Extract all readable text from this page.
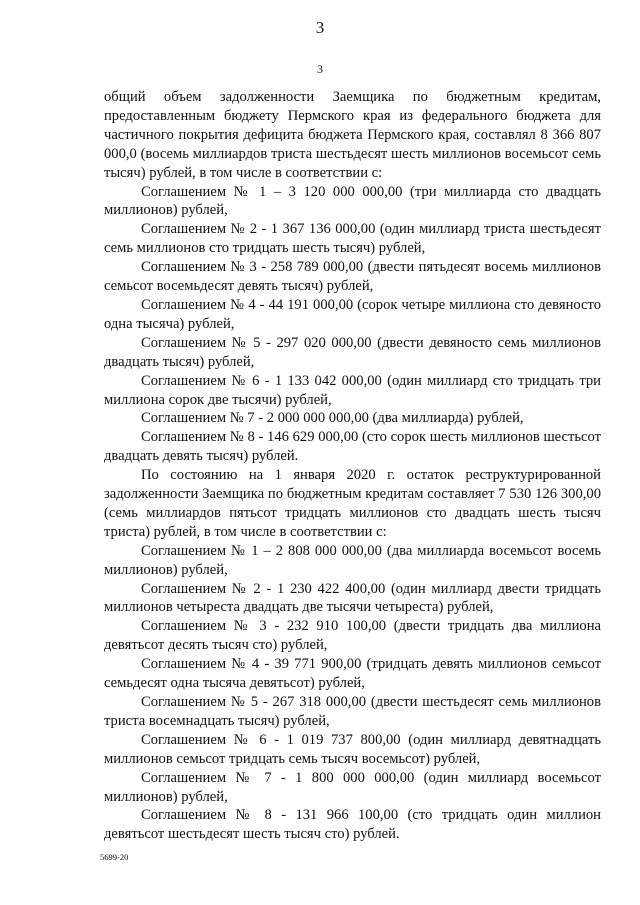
3
3

общий объем задолженности Заемщика по бюджетным кредитам, предоставленным бюджету Пермского края из федерального бюджета для частичного покрытия дефицита бюджета Пермского края, составлял 8 366 807 000,0 (восемь миллиардов триста шестьдесят шесть миллионов восемьсот семь тысяч) рублей, в том числе в соответствии с:

Соглашением № 1 – 3 120 000 000,00 (три миллиарда сто двадцать миллионов) рублей,

Соглашением № 2 - 1 367 136 000,00 (один миллиард триста шестьдесят семь миллионов сто тридцать шесть тысяч) рублей,

Соглашением № 3 - 258 789 000,00 (двести пятьдесят восемь миллионов семьсот восемьдесят девять тысяч) рублей,

Соглашением № 4 - 44 191 000,00 (сорок четыре миллиона сто девяносто одна тысяча) рублей,

Соглашением № 5 - 297 020 000,00 (двести девяносто семь миллионов двадцать тысяч) рублей,

Соглашением № 6 - 1 133 042 000,00 (один миллиард сто тридцать три миллиона сорок две тысячи) рублей,

Соглашением № 7 - 2 000 000 000,00 (два миллиарда) рублей,

Соглашением № 8 - 146 629 000,00 (сто сорок шесть миллионов шестьсот двадцать девять тысяч) рублей.

По состоянию на 1 января 2020 г. остаток реструктурированной задолженности Заемщика по бюджетным кредитам составляет 7 530 126 300,00 (семь миллиардов пятьсот тридцать миллионов сто двадцать шесть тысяч триста) рублей, в том числе в соответствии с:

Соглашением № 1 – 2 808 000 000,00 (два миллиарда восемьсот восемь миллионов) рублей,

Соглашением № 2 - 1 230 422 400,00 (один миллиард двести тридцать миллионов четыреста двадцать две тысячи четыреста) рублей,

Соглашением № 3 - 232 910 100,00 (двести тридцать два миллиона девятьсот десять тысяч сто) рублей,

Соглашением № 4 - 39 771 900,00 (тридцать девять миллионов семьсот семьдесят одна тысяча девятьсот) рублей,

Соглашением № 5 - 267 318 000,00 (двести шестьдесят семь миллионов триста восемнадцать тысяч) рублей,

Соглашением № 6 - 1 019 737 800,00 (один миллиард девятнадцать миллионов семьсот тридцать семь тысяч восемьсот) рублей,

Соглашением № 7 - 1 800 000 000,00 (один миллиард восемьсот миллионов) рублей,

Соглашением № 8 - 131 966 100,00 (сто тридцать один миллион девятьсот шестьдесят шесть тысяч сто) рублей.

5699-20
